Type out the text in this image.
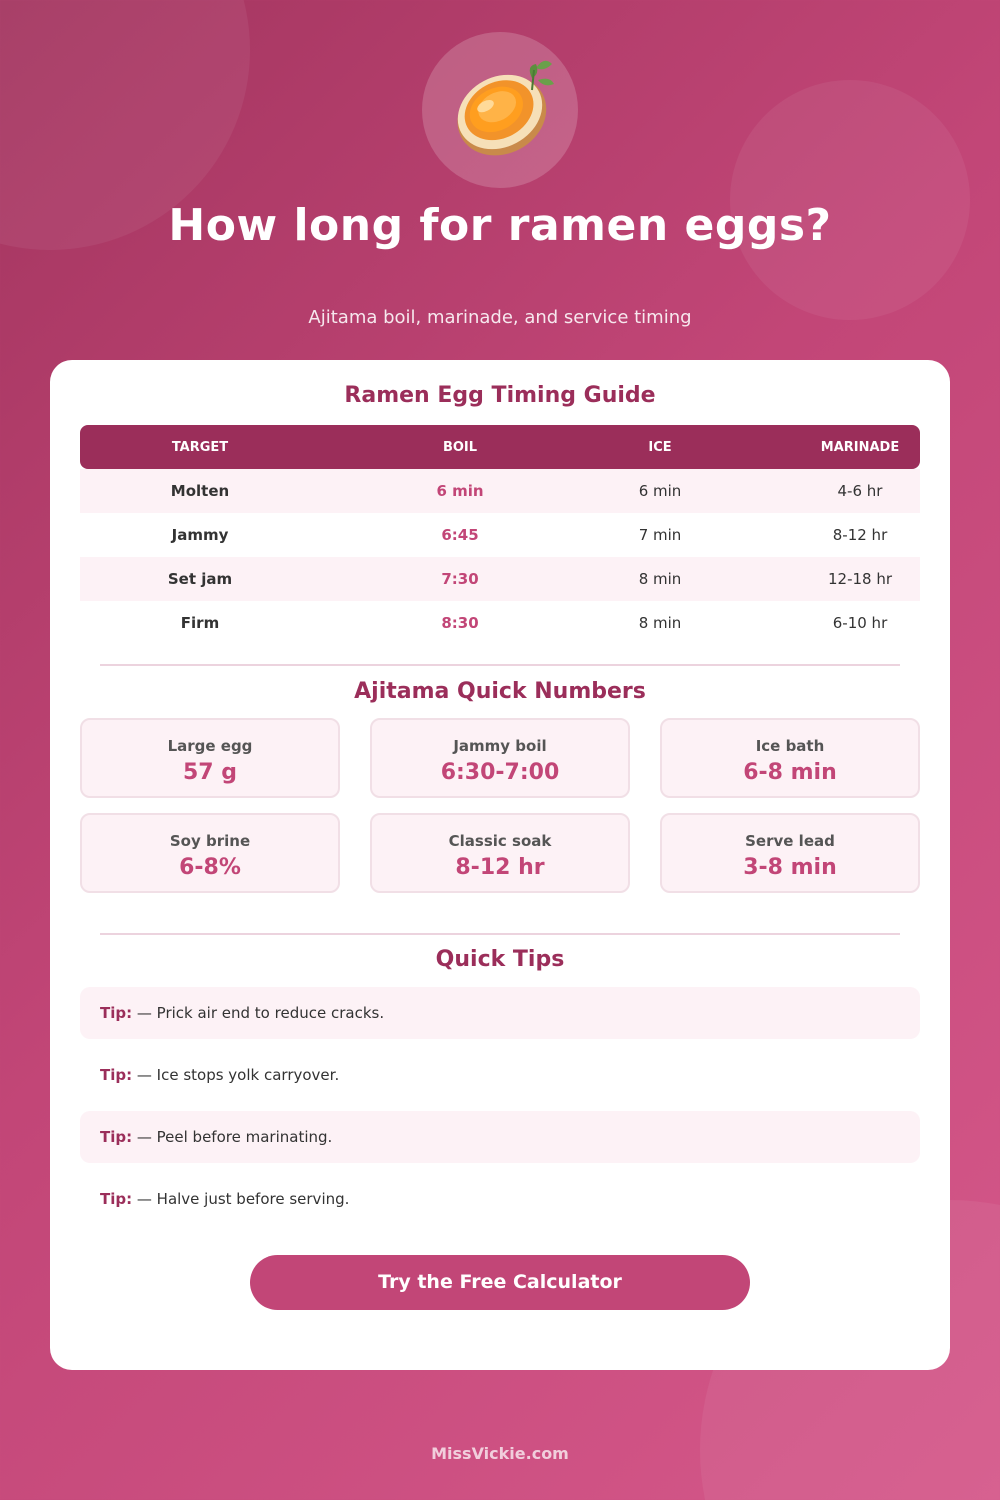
How long for ramen eggs?
Ajitama boil, marinade, and service timing
Ramen Egg Timing Guide
TARGET	BOIL	ICE	MARINADE
Molten	6 min	6 min	4-6 hr
Jammy	6:45	7 min	8-12 hr
Set jam	7:30	8 min	12-18 hr
Firm	8:30	8 min	6-10 hr
Ajitama Quick Numbers
Large egg
57 g
Jammy boil
6:30-7:00
Ice bath
6-8 min
Soy brine
6-8%
Classic soak
8-12 hr
Serve lead
3-8 min
Quick Tips
Tip: — Prick air end to reduce cracks.
Tip: — Ice stops yolk carryover.
Tip: — Peel before marinating.
Tip: — Halve just before serving.
Try the Free Calculator
MissVickie.com
